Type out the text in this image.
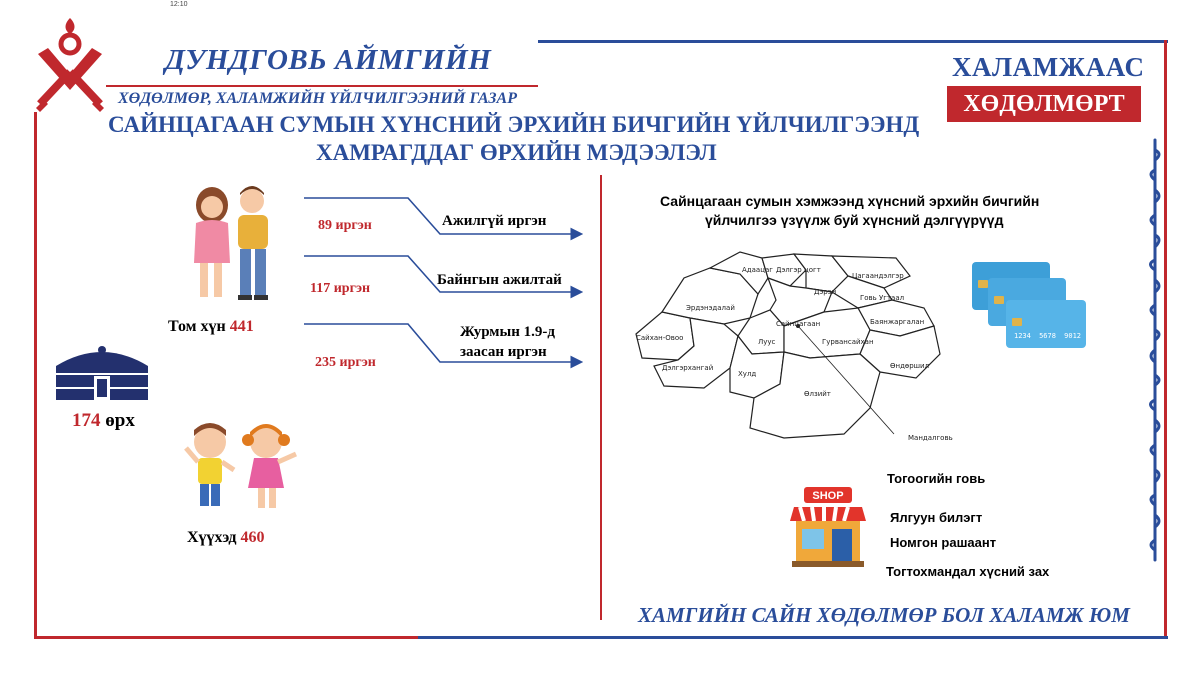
12:10
ДУНДГОВЬ АЙМГИЙН
ХӨДӨЛМӨР, ХАЛАМЖИЙН ҮЙЛЧИЛГЭЭНИЙ ГАЗАР
САЙНЦАГААН СУМЫН ХҮНСНИЙ ЭРХИЙН БИЧГИЙН ҮЙЛЧИЛГЭЭНД
ХАМРАГДДАГ ӨРХИЙН МЭДЭЭЛЭЛ
ХАЛАМЖААС
ХӨДӨЛМӨРТ
Том хүн 441
89 иргэн	Ажилгүй иргэн
117 иргэн
Байнгын ажилтай
235 иргэн
Журмын 1.9-д
заасан иргэн
174 өрх
Хүүхэд 460
Сайнцагаан сумын хэмжээнд хүнсний эрхийн бичгийн
үйлчилгээ үзүүлж буй хүнсний дэлгүүрүүд
Сайхан-Овоо
Эрдэнэдалай
Адаацаг Дэлгэр цогт
Дэрэн
Цагаандэлгэр
Говь Угтаал
Сайнцагаан	Баянжаргалан
Луус	Гурвансайхан
Дэлгэрхангай
Хулд
Өндөршил
Өлзийт
Мандалговь
1234 5678 9012 3456
SHOP
Тогоогийн говь
Ялгуун билэгт
Номгон рашаант
Тогтохмандал хүсний зах
ХАМГИЙН САЙН ХӨДӨЛМӨР БОЛ ХАЛАМЖ ЮМ
